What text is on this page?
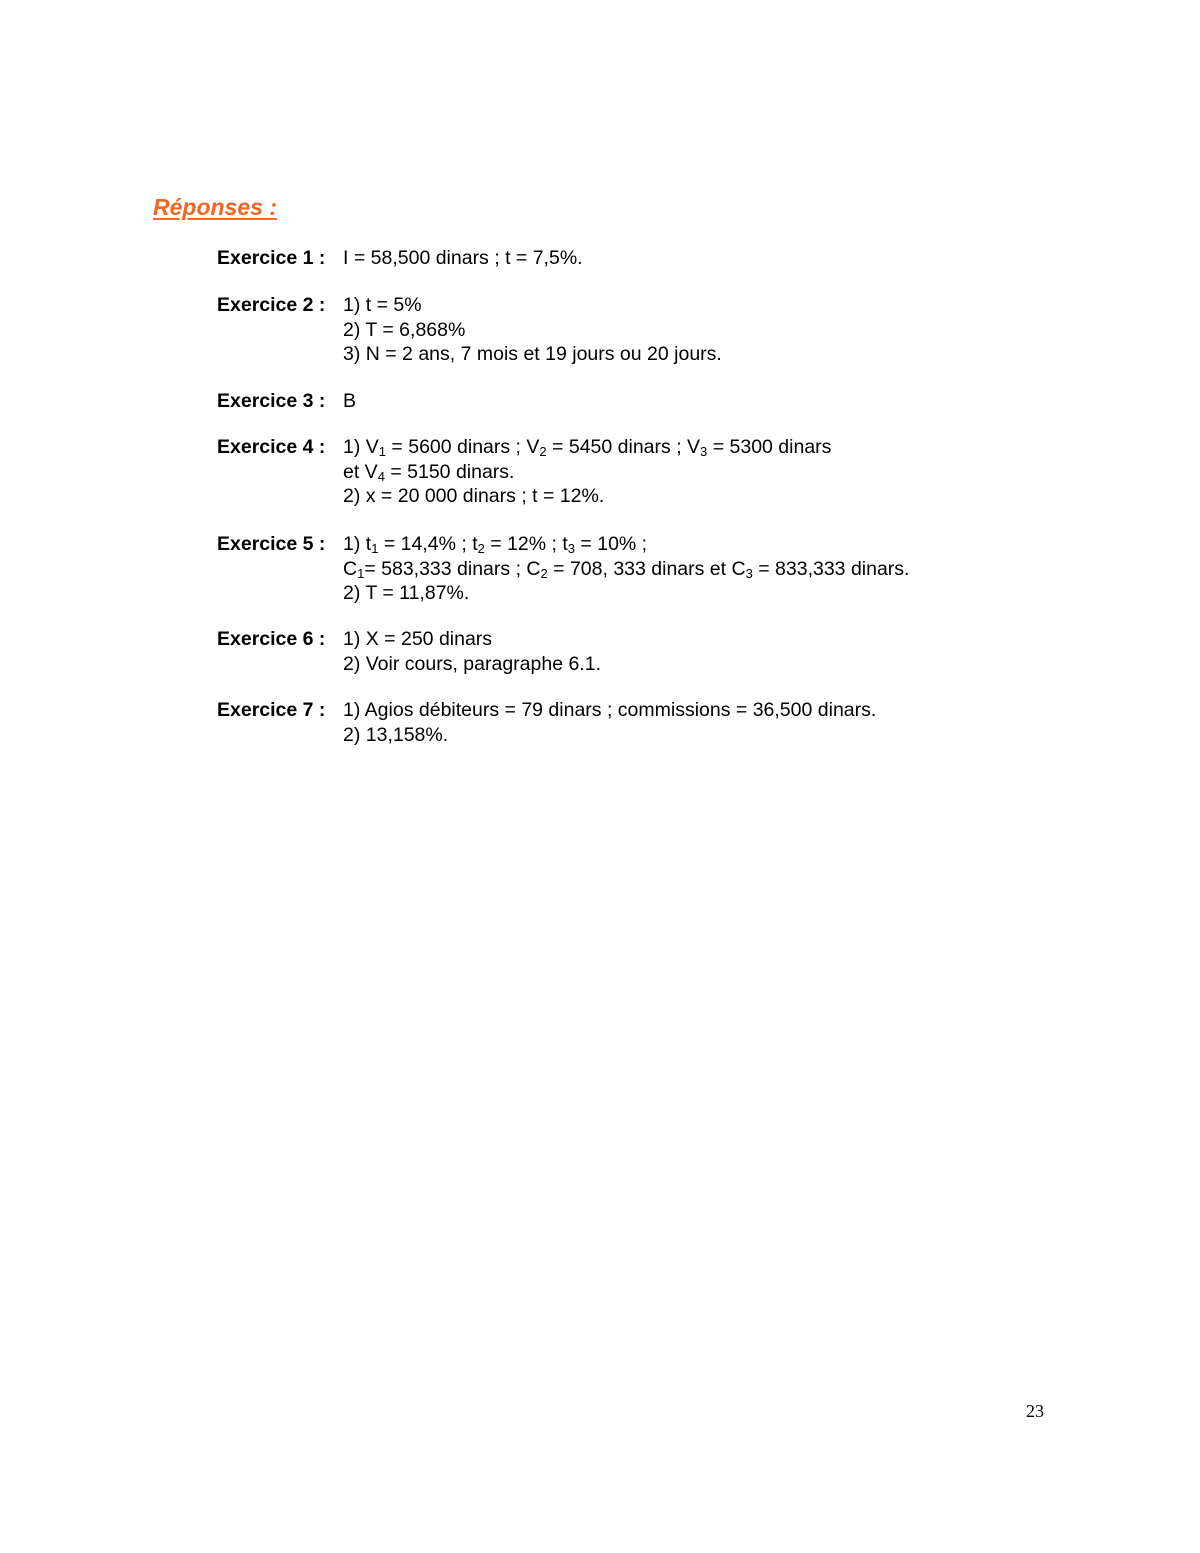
Réponses :
Exercice 1 : I = 58,500 dinars ; t = 7,5%.
Exercice 2 : 1) t = 5%
2) T = 6,868%
3) N = 2 ans, 7 mois et 19 jours ou 20 jours.
Exercice 3 : B
Exercice 4 : 1) $V_1 = 5600$ dinars ; $V_2 = 5450$ dinars ; $V_3 = 5300$ dinars
et $V_4 = 5150$ dinars.
2) x = 20 000 dinars ; t = 12%.
Exercice 5 : 1) $t_1 = 14,4\%$ ; $t_2 = 12\%$ ; $t_3 = 10\%$ ;
$C_1= 583,333$ dinars ; $C_2 = 708$, 333 dinars et $C_3 = 833,333$ dinars.
2) T = 11,87%.
Exercice 6 : 1) X = 250 dinars
2) Voir cours, paragraphe 6.1.
Exercice 7 : 1) Agios débiteurs = 79 dinars ; commissions = 36,500 dinars.
2) 13,158%.
23
